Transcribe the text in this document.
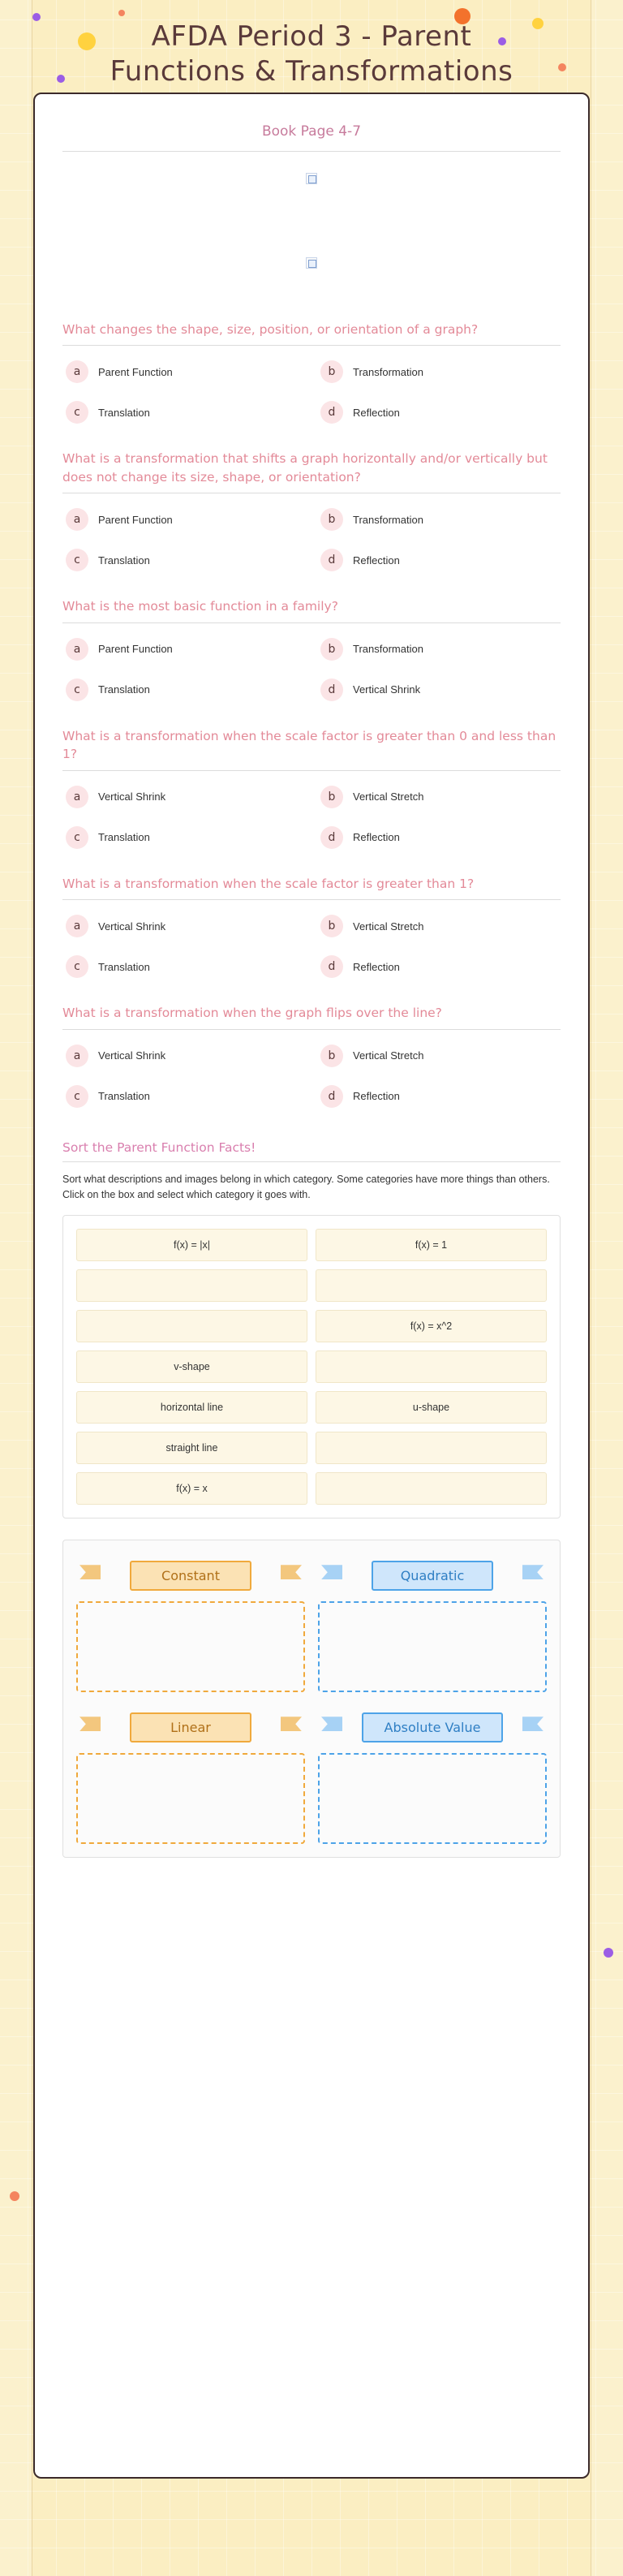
AFDA Period 3 - Parent Functions & Transformations
Book Page 4-7
What changes the shape, size, position, or orientation of a graph?
a	Parent Function	b	Transformation
c	Translation	d	Reflection
What is a transformation that shifts a graph horizontally and/or vertically but does not change its size, shape, or orientation?
a	Parent Function	b	Transformation
c	Translation	d	Reflection
What is the most basic function in a family?
a	Parent Function	b	Transformation
c	Translation	d	Vertical Shrink
What is a transformation when the scale factor is greater than 0 and less than 1?
a	Vertical Shrink	b	Vertical Stretch
c	Translation	d	Reflection
What is a transformation when the scale factor is greater than 1?
a	Vertical Shrink	b	Vertical Stretch
c	Translation	d	Reflection
What is a transformation when the graph flips over the line?
a	Vertical Shrink	b	Vertical Stretch
c	Translation	d	Reflection
Sort the Parent Function Facts!
Sort what descriptions and images belong in which category. Some categories have more things than others. Click on the box and select which category it goes with.
f(x) = |x|	f(x) = 1
f(x) = x^2
v-shape
horizontal line	u-shape
straight line
f(x) = x
Constant	Quadratic
Linear	Absolute Value
